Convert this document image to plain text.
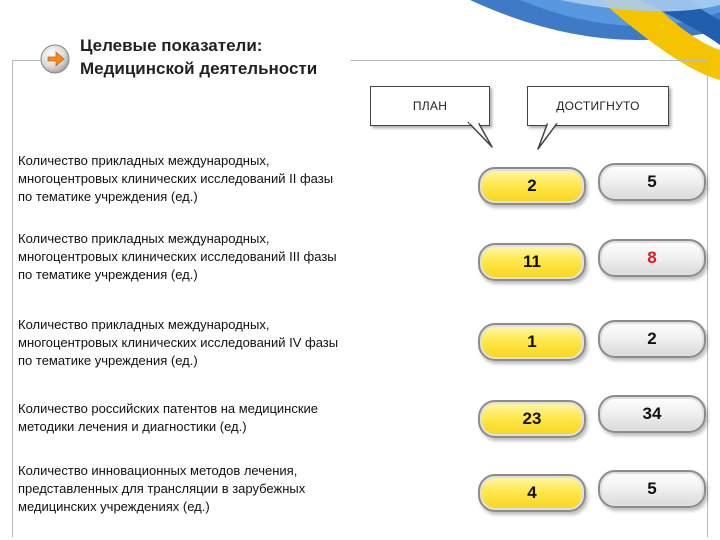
Целевые показатели:
Медицинской деятельности
ПЛАН	ДОСТИГНУТО
Количество прикладных международных,
многоцентровых клинических исследований II фазы
по тематике учреждения (ед.)
2	5
Количество прикладных международных,
многоцентровых клинических исследований III фазы
по тематике учреждения (ед.)
11	8
Количество прикладных международных,
многоцентровых клинических исследований IV фазы
по тематике учреждения (ед.)
1	2
Количество российских патентов на медицинские
методики лечения и диагностики (ед.)	23	34
Количество инновационных методов лечения,
представленных для трансляции в зарубежных
медицинских учреждениях (ед.)
4	5
